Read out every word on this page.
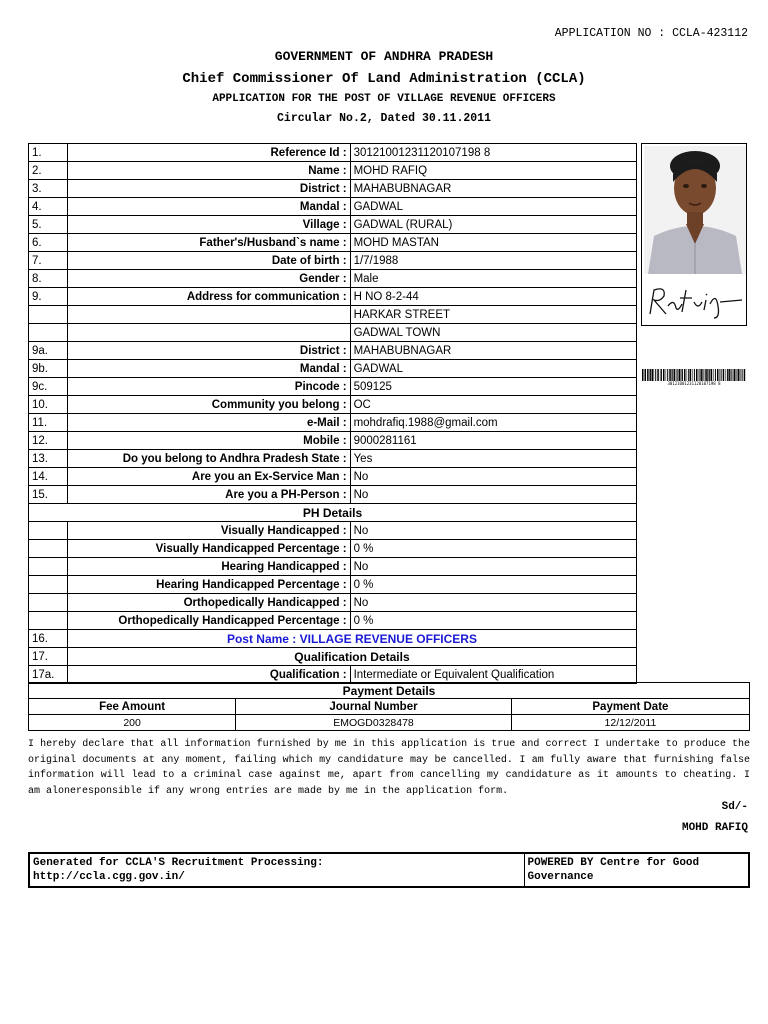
APPLICATION NO : CCLA-423112
GOVERNMENT OF ANDHRA PRADESH
Chief Commissioner Of Land Administration (CCLA)
APPLICATION FOR THE POST OF VILLAGE REVENUE OFFICERS
Circular No.2, Dated 30.11.2011
1.	Reference Id :	30121001231120107198 8
2.	Name :	MOHD RAFIQ
3.	District :	MAHABUBNAGAR
4.	Mandal :	GADWAL
5.	Village :	GADWAL (RURAL)
6.	Father's/Husband`s name :	MOHD MASTAN
7.	Date of birth :	1/7/1988
8.	Gender :	Male
9.	Address for communication :	H NO 8-2-44
		HARKAR STREET
		GADWAL TOWN
9a.	District :	MAHABUBNAGAR
9b.	Mandal :	GADWAL
9c.	Pincode :	509125
10.	Community you belong :	OC
11.	e-Mail :	mohdrafiq.1988@gmail.com
12.	Mobile :	9000281161
13.	Do you belong to Andhra Pradesh State :	Yes
14.	Are you an Ex-Service Man :	No
15.	Are you a PH-Person :	No
PH Details		
	Visually Handicapped :	No
	Visually Handicapped Percentage :	0 %
	Hearing Handicapped :	No
	Hearing Handicapped Percentage :	0 %
	Orthopedically Handicapped :	No
	Orthopedically Handicapped Percentage :	0 %
16.	Post Name : VILLAGE REVENUE OFFICERS	
17.	Qualification Details	
17a.	Qualification :	Intermediate or Equivalent Qualification
30121001231120107198 8
Payment Details		
Fee Amount	Journal Number	Payment Date
200	EMOGD0328478	12/12/2011
I hereby declare that all information furnished by me in this application is true and correct I undertake to produce the original documents at any moment, failing which my candidature may be cancelled. I am fully aware that furnishing false information will lead to a criminal case against me, apart from cancelling my candidature as it amounts to cheating. I am aloneresponsible if any wrong entries are made by me in the application form.
Sd/-
MOHD RAFIQ
Generated for CCLA'S Recruitment Processing:
http://ccla.cgg.gov.in/

POWERED BY Centre for Good
Governance
